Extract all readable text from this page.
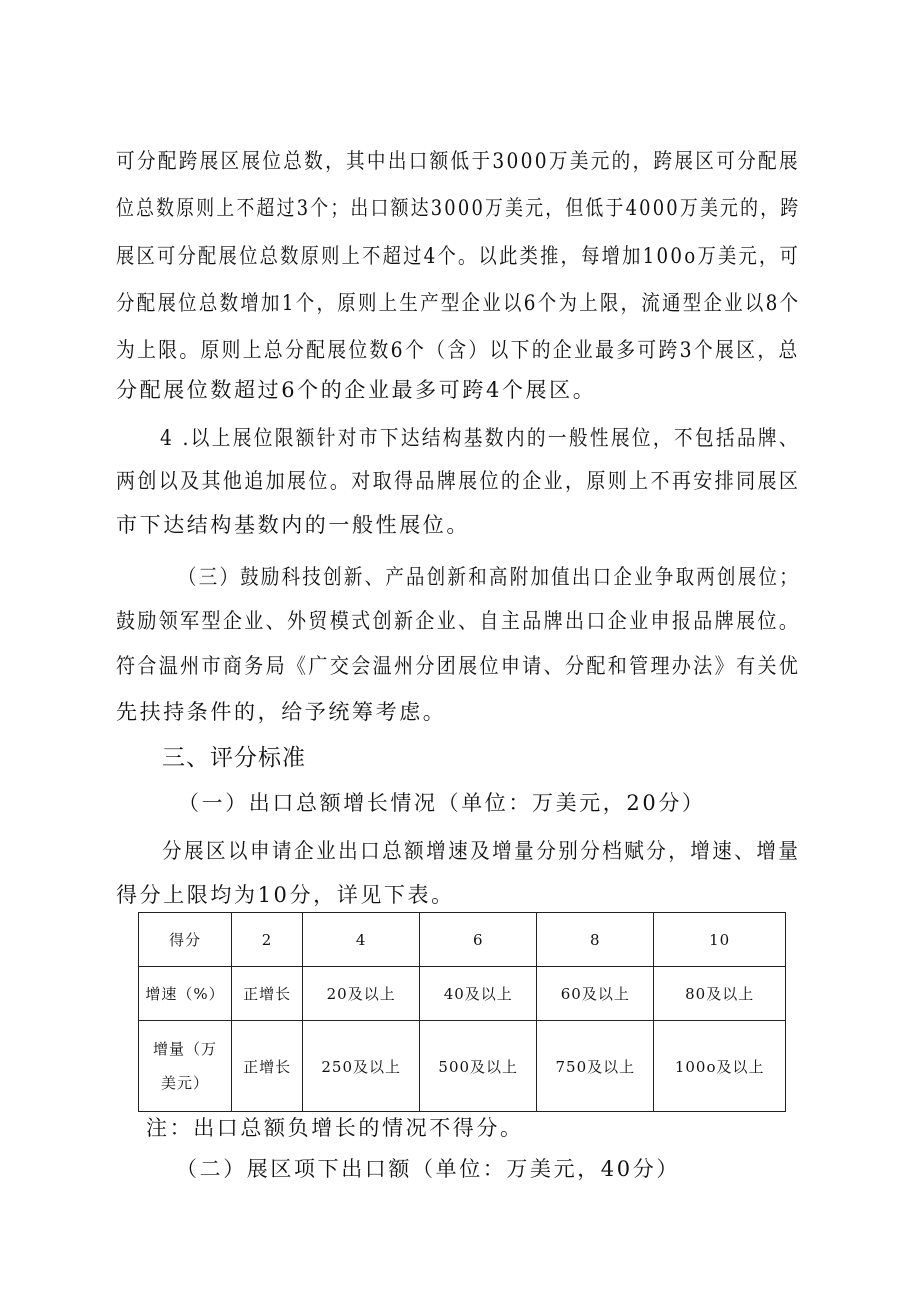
可分配跨展区展位总数，其中出口额低于3000万美元的，跨展区可分配展
位总数原则上不超过3个；出口额达3000万美元，但低于4000万美元的，跨
展区可分配展位总数原则上不超过4个。以此类推，每增加100o万美元，可
分配展位总数增加1个，原则上生产型企业以6个为上限，流通型企业以8个
为上限。原则上总分配展位数6个（含）以下的企业最多可跨3个展区，总
分配展位数超过6个的企业最多可跨4个展区。
4 .以上展位限额针对市下达结构基数内的一般性展位，不包括品牌、
两创以及其他追加展位。对取得品牌展位的企业，原则上不再安排同展区
市下达结构基数内的一般性展位。
（三）鼓励科技创新、产品创新和高附加值出口企业争取两创展位；
鼓励领军型企业、外贸模式创新企业、自主品牌出口企业申报品牌展位。
符合温州市商务局《广交会温州分团展位申请、分配和管理办法》有关优
先扶持条件的，给予统筹考虑。
三、评分标准
（一）出口总额增长情况（单位：万美元，20分）
分展区以申请企业出口总额增速及增量分别分档赋分，增速、增量
得分上限均为10分，详见下表。
得分	2	4	6	8	10
增速（%）	正增长	20及以上	40及以上	60及以上	80及以上
增量（万
美元）	正增长	250及以上	500及以上	750及以上	100o及以上
注：出口总额负增长的情况不得分。
（二）展区项下出口额（单位：万美元，40分）
